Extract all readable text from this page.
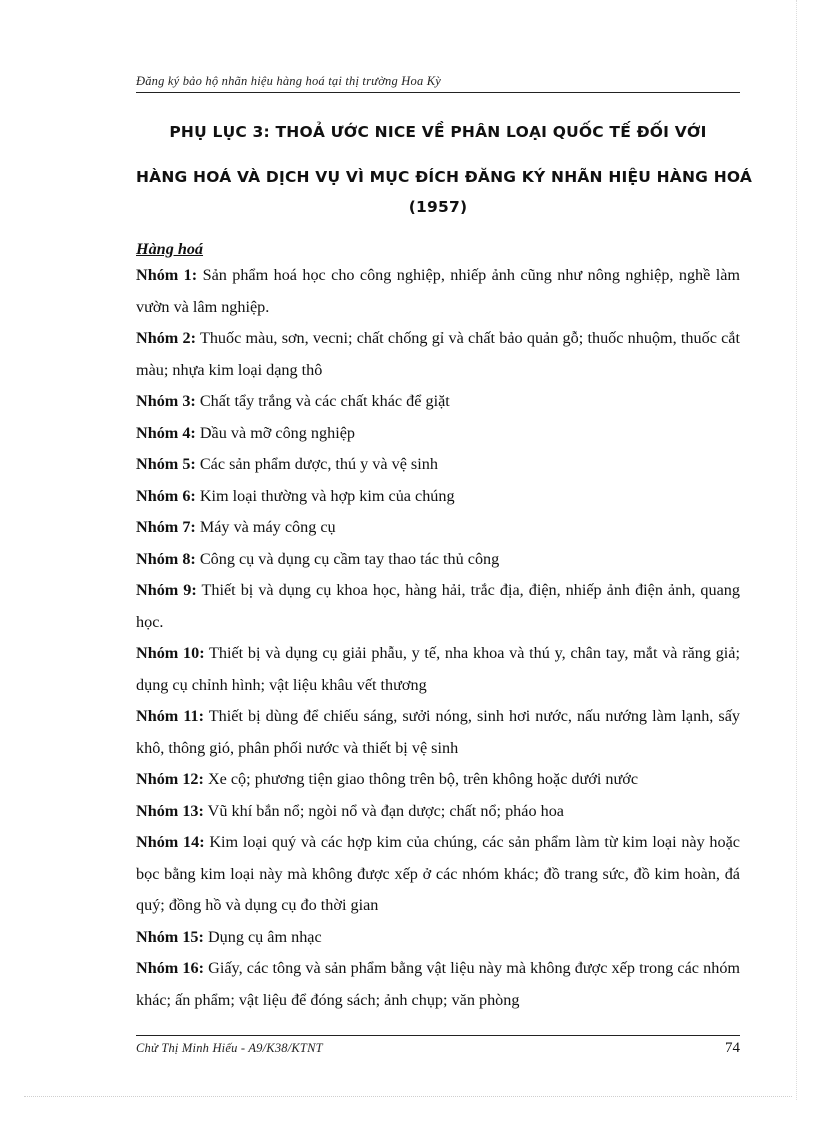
Đăng ký bảo hộ nhãn hiệu hàng hoá tại thị trường Hoa Kỳ
PHỤ LỤC 3: THOẢ ƯỚC NICE VỀ PHÂN LOẠI QUỐC TẾ ĐỐI VỚI
HÀNG HOÁ VÀ DỊCH VỤ VÌ MỤC ĐÍCH ĐĂNG KÝ NHÃN HIỆU HÀNG HOÁ
(1957)
Hàng hoá

Nhóm 1: Sản phẩm hoá học cho công nghiệp, nhiếp ảnh cũng như nông nghiệp, nghề làm vườn và lâm nghiệp.

Nhóm 2: Thuốc màu, sơn, vecni; chất chống gỉ và chất bảo quản gỗ; thuốc nhuộm, thuốc cắt màu; nhựa kim loại dạng thô

Nhóm 3: Chất tẩy trắng và các chất khác để giặt

Nhóm 4: Dầu và mỡ công nghiệp

Nhóm 5: Các sản phẩm dược, thú y và vệ sinh

Nhóm 6: Kim loại thường và hợp kim của chúng

Nhóm 7: Máy và máy công cụ

Nhóm 8: Công cụ và dụng cụ cầm tay thao tác thủ công

Nhóm 9: Thiết bị và dụng cụ khoa học, hàng hải, trắc địa, điện, nhiếp ảnh điện ảnh, quang học.

Nhóm 10: Thiết bị và dụng cụ giải phẫu, y tế, nha khoa và thú y, chân tay, mắt và răng giả; dụng cụ chỉnh hình; vật liệu khâu vết thương

Nhóm 11: Thiết bị dùng để chiếu sáng, sưởi nóng, sinh hơi nước, nấu nướng làm lạnh, sấy khô, thông gió, phân phối nước và thiết bị vệ sinh

Nhóm 12: Xe cộ; phương tiện giao thông trên bộ, trên không hoặc dưới nước

Nhóm 13: Vũ khí bắn nổ; ngòi nổ và đạn dược; chất nổ; pháo hoa

Nhóm 14: Kim loại quý và các hợp kim của chúng, các sản phẩm làm từ kim loại này hoặc bọc bằng kim loại này mà không được xếp ở các nhóm khác; đồ trang sức, đồ kim hoàn, đá quý; đồng hồ và dụng cụ đo thời gian

Nhóm 15: Dụng cụ âm nhạc

Nhóm 16: Giấy, các tông và sản phẩm bằng vật liệu này mà không được xếp trong các nhóm khác; ấn phẩm; vật liệu để đóng sách; ảnh chụp; văn phòng

Chử Thị Minh Hiếu - A9/K38/KTNT	74
